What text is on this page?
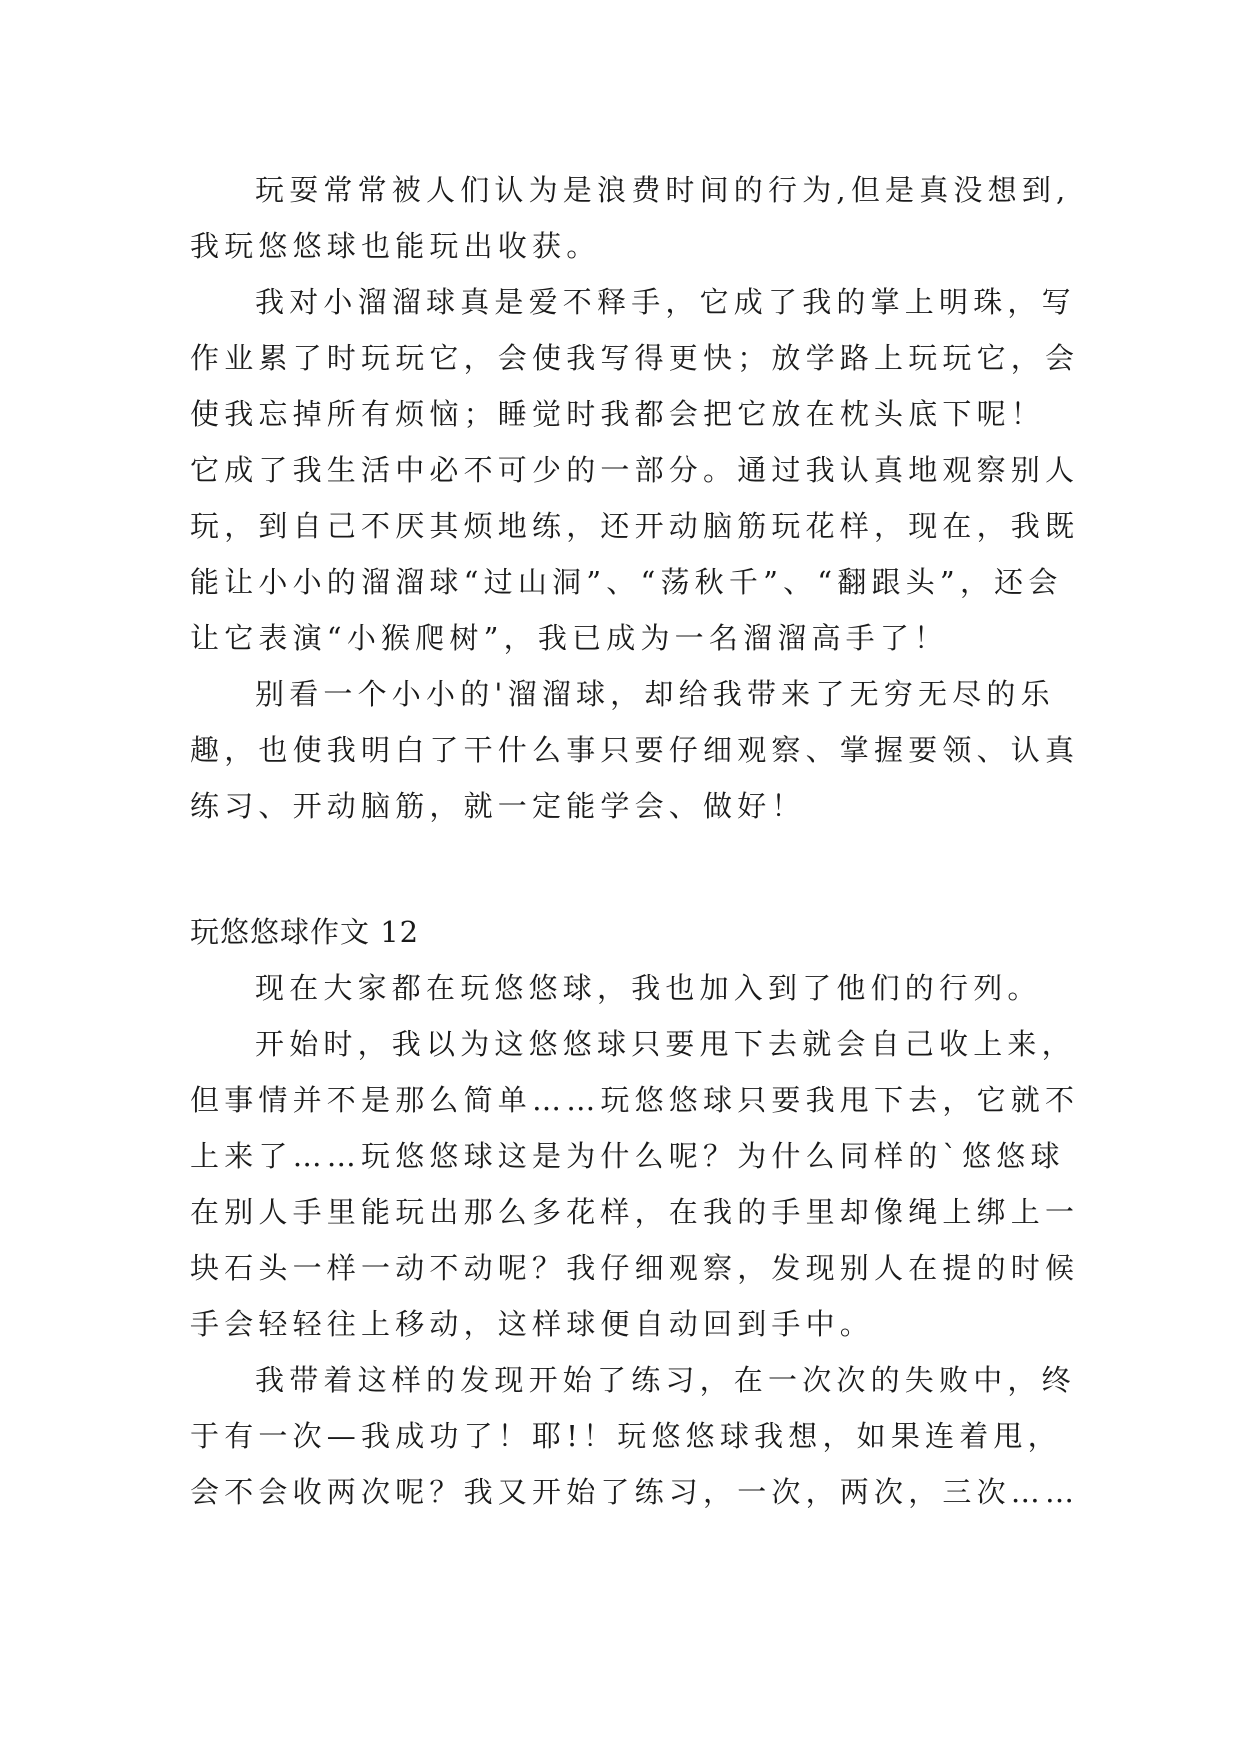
玩耍常常被人们认为是浪费时间的行为,但是真没想到,
我玩悠悠球也能玩出收获。
我对小溜溜球真是爱不释手，它成了我的掌上明珠，写
作业累了时玩玩它，会使我写得更快；放学路上玩玩它，会
使我忘掉所有烦恼；睡觉时我都会把它放在枕头底下呢！
它成了我生活中必不可少的一部分。通过我认真地观察别人
玩，到自己不厌其烦地练，还开动脑筋玩花样，现在，我既
能让小小的溜溜球“过山洞”、“荡秋千”、“翻跟头”，还会
让它表演“小猴爬树”，我已成为一名溜溜高手了！
别看一个小小的'溜溜球，却给我带来了无穷无尽的乐
趣，也使我明白了干什么事只要仔细观察、掌握要领、认真
练习、开动脑筋，就一定能学会、做好！
玩悠悠球作文 12
现在大家都在玩悠悠球，我也加入到了他们的行列。
开始时，我以为这悠悠球只要甩下去就会自己收上来，
但事情并不是那么简单……玩悠悠球只要我甩下去，它就不
上来了……玩悠悠球这是为什么呢？为什么同样的`悠悠球
在别人手里能玩出那么多花样，在我的手里却像绳上绑上一
块石头一样一动不动呢？我仔细观察，发现别人在提的时候
手会轻轻往上移动，这样球便自动回到手中。
我带着这样的发现开始了练习，在一次次的失败中，终
于有一次—我成功了！耶!！玩悠悠球我想，如果连着甩，
会不会收两次呢？我又开始了练习，一次，两次，三次……
